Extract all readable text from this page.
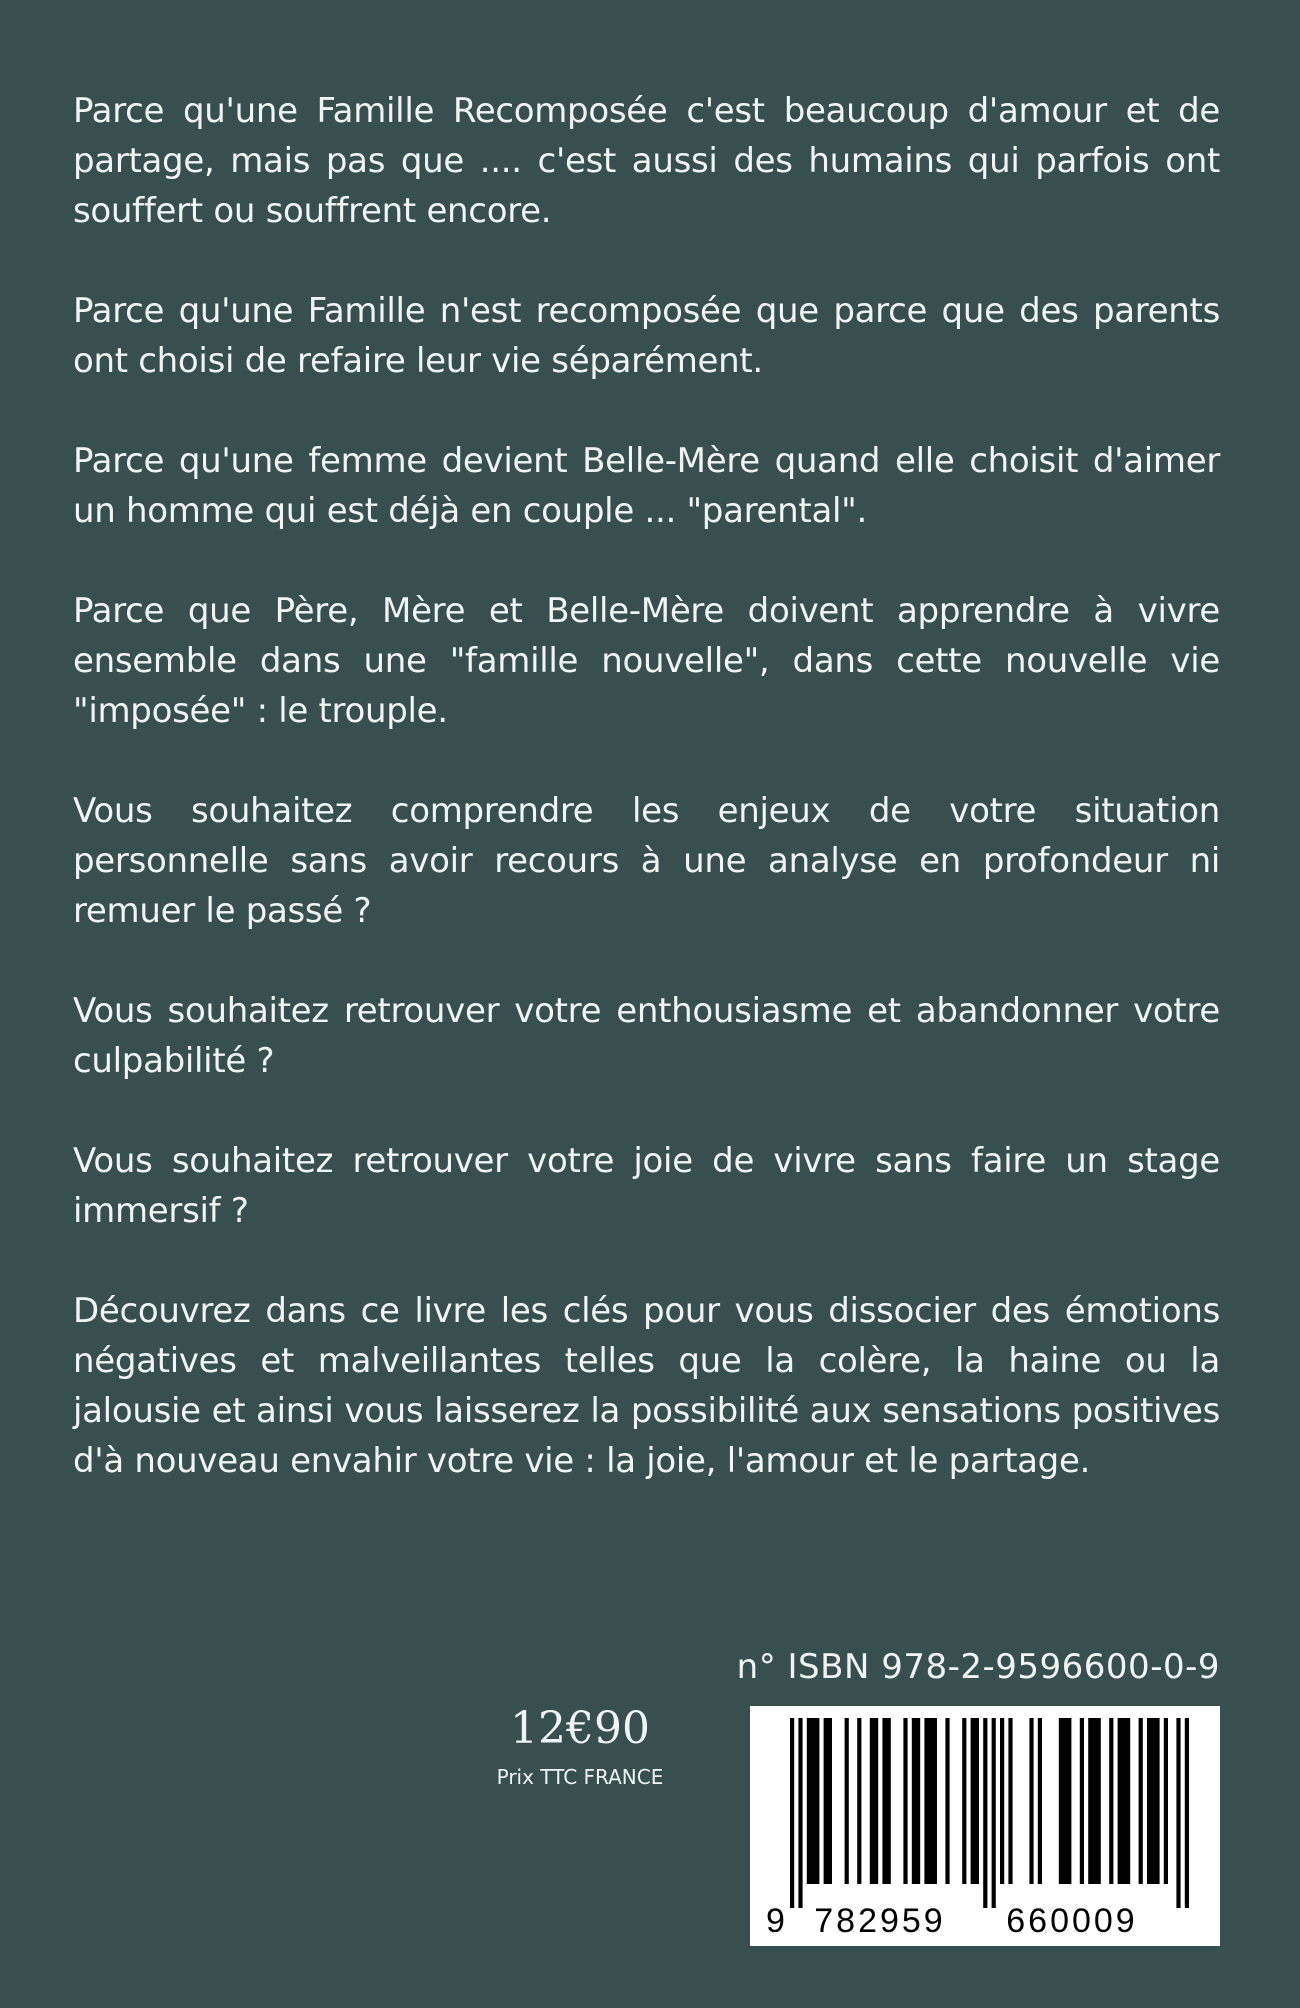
Parce qu'une Famille Recomposée c'est beaucoup d'amour et de partage, mais pas que .... c'est aussi des humains qui parfois ont souffert ou souffrent encore.

Parce qu'une Famille n'est recomposée que parce que des parents ont choisi de refaire leur vie séparément.

Parce qu'une femme devient Belle-Mère quand elle choisit d'aimer un homme qui est déjà en couple ... "parental".

Parce que Père, Mère et Belle-Mère doivent apprendre à vivre ensemble dans une "famille nouvelle", dans cette nouvelle vie "imposée" : le trouple.

Vous souhaitez comprendre les enjeux de votre situation personnelle sans avoir recours à une analyse en profondeur ni remuer le passé ?

Vous souhaitez retrouver votre enthousiasme et abandonner votre culpabilité ?

Vous souhaitez retrouver votre joie de vivre sans faire un stage immersif ?

Découvrez dans ce livre les clés pour vous dissocier des émotions négatives et malveillantes telles que la colère, la haine ou la jalousie et ainsi vous laisserez la possibilité aux sensations positives d'à nouveau envahir votre vie : la joie, l'amour et le partage.

n° ISBN 978-2-9596600-0-9
12€90
Prix TTC FRANCE
9 782959 660009
